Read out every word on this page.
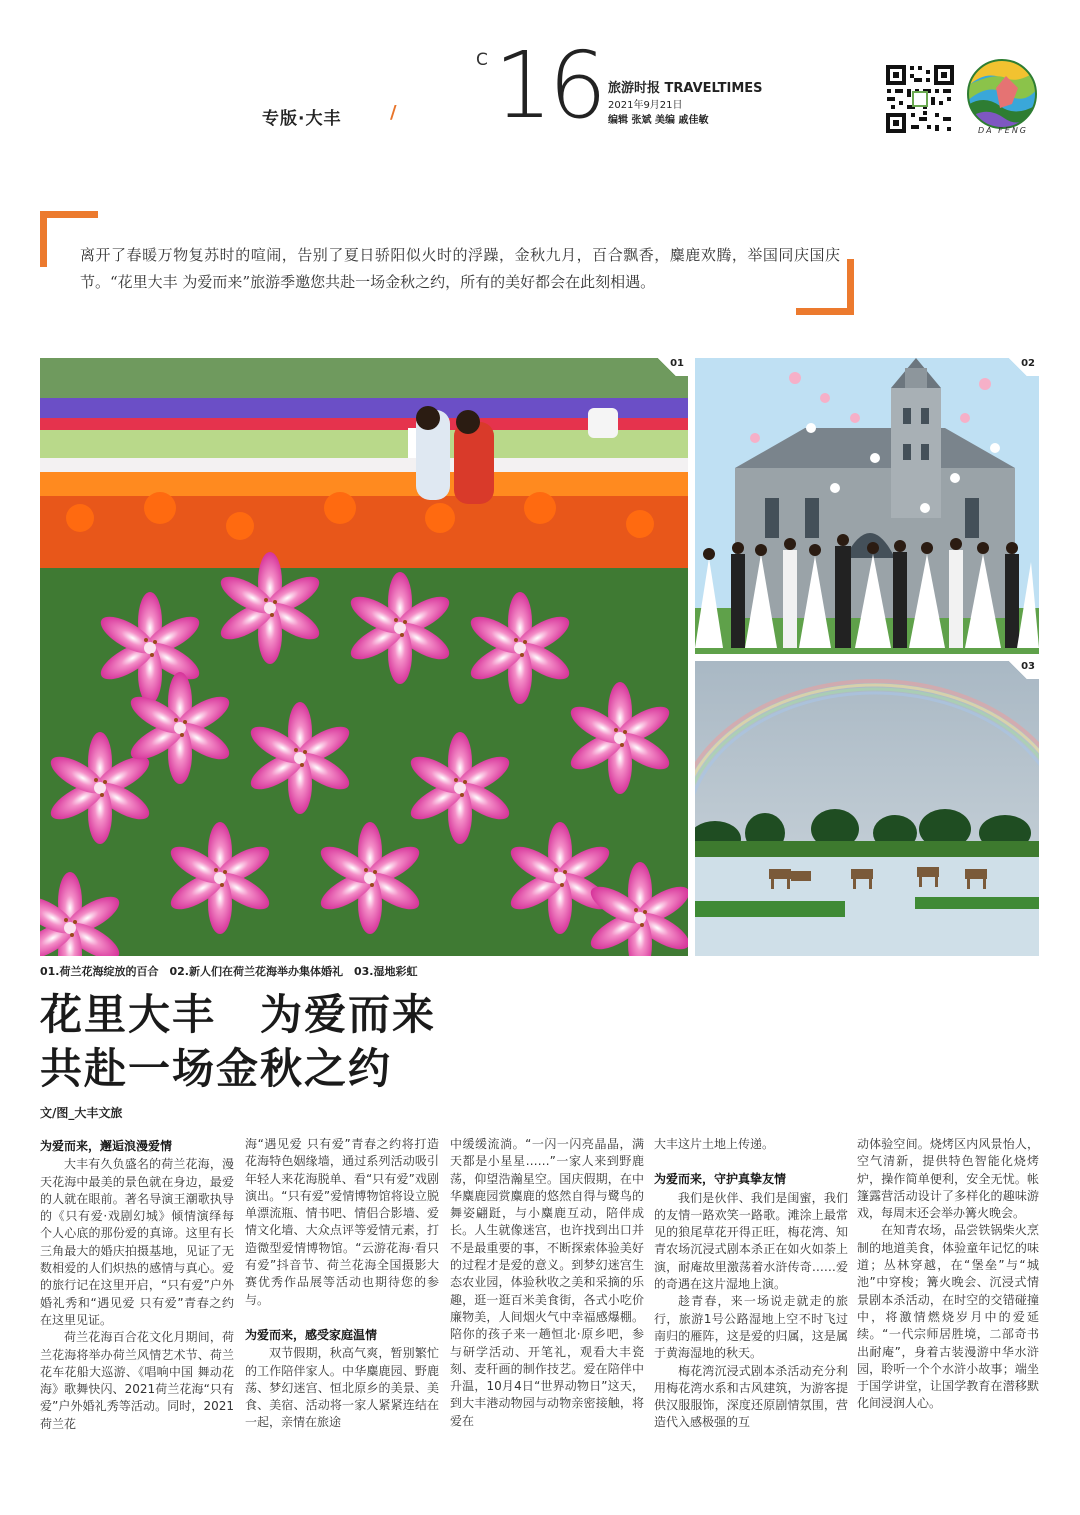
专版·大丰	/
C 16 旅游时报 TRAVELTIMES
2021年9月21日
编辑 张斌 美编 戚佳敏
DA FENG
离开了春暖万物复苏时的喧闹，告别了夏日骄阳似火时的浮躁，金秋九月，百合飘香，麋鹿欢腾，举国同庆国庆节。“花里大丰 为爱而来”旅游季邀您共赴一场金秋之约，所有的美好都会在此刻相遇。
01	02
03
01.荷兰花海绽放的百合　02.新人们在荷兰花海举办集体婚礼　03.湿地彩虹
花里大丰　为爱而来
共赴一场金秋之约
文/图_大丰文旅
为爱而来，邂逅浪漫爱情

大丰有久负盛名的荷兰花海，漫天花海中最美的景色就在身边，最爱的人就在眼前。著名导演王潮歌执导的《只有爱·戏剧幻城》倾情演绎每个人心底的那份爱的真谛。这里有长三角最大的婚庆拍摄基地，见证了无数相爱的人们炽热的感情与真心。爱的旅行记在这里开启，“只有爱”户外婚礼秀和“遇见爱 只有爱”青春之约在这里见证。

荷兰花海百合花文化月期间，荷兰花海将举办荷兰风情艺术节、荷兰花车花船大巡游、《唱响中国 舞动花海》歌舞快闪、2021荷兰花海“只有爱”户外婚礼秀等活动。同时，2021荷兰花

海“遇见爱 只有爱”青春之约将打造花海特色姻缘墙，通过系列活动吸引年轻人来花海脱单、看“只有爱”戏剧演出。“只有爱”爱情博物馆将设立脱单漂流瓶、情书吧、情侣合影墙、爱情文化墙、大众点评等爱情元素，打造微型爱情博物馆。“云游花海·看只有爱”抖音节、荷兰花海全国摄影大赛优秀作品展等活动也期待您的参与。

为爱而来，感受家庭温情

双节假期，秋高气爽，暂别繁忙的工作陪伴家人。中华麋鹿园、野鹿荡、梦幻迷宫、恒北原乡的美景、美食、美宿、活动将一家人紧紧连结在一起，亲情在旅途

中缓缓流淌。“一闪一闪亮晶晶，满天都是小星星……”一家人来到野鹿荡，仰望浩瀚星空。国庆假期，在中华麋鹿园赏麋鹿的悠然自得与鹭鸟的舞姿翩跹，与小麋鹿互动，陪伴成长。人生就像迷宫，也许找到出口并不是最重要的事，不断探索体验美好的过程才是爱的意义。到梦幻迷宫生态农业园，体验秋收之美和采摘的乐趣，逛一逛百米美食街，各式小吃价廉物美，人间烟火气中幸福感爆棚。陪你的孩子来一趟恒北·原乡吧，参与研学活动、开笔礼，观看大丰瓷刻、麦秆画的制作技艺。爱在陪伴中升温，10月4日“世界动物日”这天，到大丰港动物园与动物亲密接触，将爱在

大丰这片土地上传递。

为爱而来，守护真挚友情

我们是伙伴、我们是闺蜜，我们的友情一路欢笑一路歌。滩涂上最常见的狼尾草花开得正旺，梅花湾、知青农场沉浸式剧本杀正在如火如荼上演，耐庵故里激荡着水浒传奇……爱的奇遇在这片湿地上演。

趁青春，来一场说走就走的旅行，旅游1号公路湿地上空不时飞过南归的雁阵，这是爱的归属，这是属于黄海湿地的秋天。

梅花湾沉浸式剧本杀活动充分利用梅花湾水系和古风建筑，为游客提供汉服服饰，深度还原剧情氛围，营造代入感极强的互

动体验空间。烧烤区内风景怡人，空气清新，提供特色智能化烧烤炉，操作简单便利，安全无忧。帐篷露营活动设计了多样化的趣味游戏，每周末还会举办篝火晚会。

在知青农场，品尝铁锅柴火烹制的地道美食，体验童年记忆的味道；丛林穿越，在“堡垒”与“城池”中穿梭；篝火晚会、沉浸式情景剧本杀活动，在时空的交错碰撞中，将激情燃烧岁月中的爱延续。“一代宗师居胜境，二部奇书出耐庵”，身着古装漫游中华水浒园，聆听一个个水浒小故事；端坐于国学讲堂，让国学教育在潜移默化间浸润人心。
